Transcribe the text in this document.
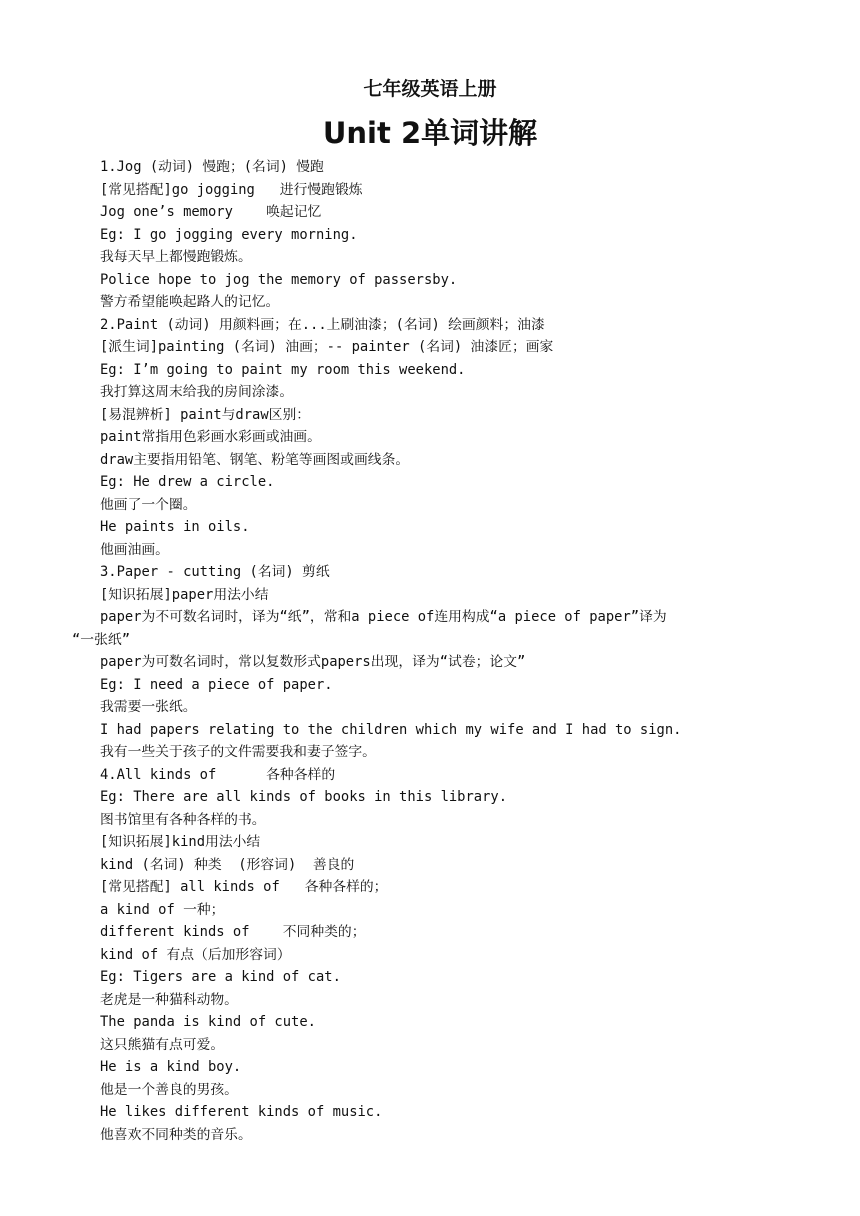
七年级英语上册
Unit 2单词讲解
1.Jog (动词) 慢跑；(名词) 慢跑
[常见搭配]go jogging   进行慢跑锻炼
Jog one’s memory    唤起记忆
Eg: I go jogging every morning.
我每天早上都慢跑锻炼。
Police hope to jog the memory of passersby.
警方希望能唤起路人的记忆。
2.Paint (动词) 用颜料画；在...上刷油漆；(名词) 绘画颜料；油漆
[派生词]painting (名词) 油画；-- painter (名词) 油漆匠；画家
Eg: I’m going to paint my room this weekend.
我打算这周末给我的房间涂漆。
[易混辨析] paint与draw区别：
paint常指用色彩画水彩画或油画。
draw主要指用铅笔、钢笔、粉笔等画图或画线条。
Eg: He drew a circle.
他画了一个圈。
He paints in oils.
他画油画。
3.Paper - cutting (名词) 剪纸
[知识拓展]paper用法小结
paper为不可数名词时，译为“纸”，常和a piece of连用构成“a piece of paper”译为
“一张纸”
paper为可数名词时，常以复数形式papers出现，译为“试卷；论文”
Eg: I need a piece of paper.
我需要一张纸。
I had papers relating to the children which my wife and I had to sign.
我有一些关于孩子的文件需要我和妻子签字。
4.All kinds of      各种各样的
Eg: There are all kinds of books in this library.
图书馆里有各种各样的书。
[知识拓展]kind用法小结
kind (名词) 种类  (形容词)  善良的
[常见搭配] all kinds of   各种各样的；
a kind of 一种；
different kinds of    不同种类的；
kind of 有点（后加形容词）
Eg: Tigers are a kind of cat.
老虎是一种猫科动物。
The panda is kind of cute.
这只熊猫有点可爱。
He is a kind boy.
他是一个善良的男孩。
He likes different kinds of music.
他喜欢不同种类的音乐。
